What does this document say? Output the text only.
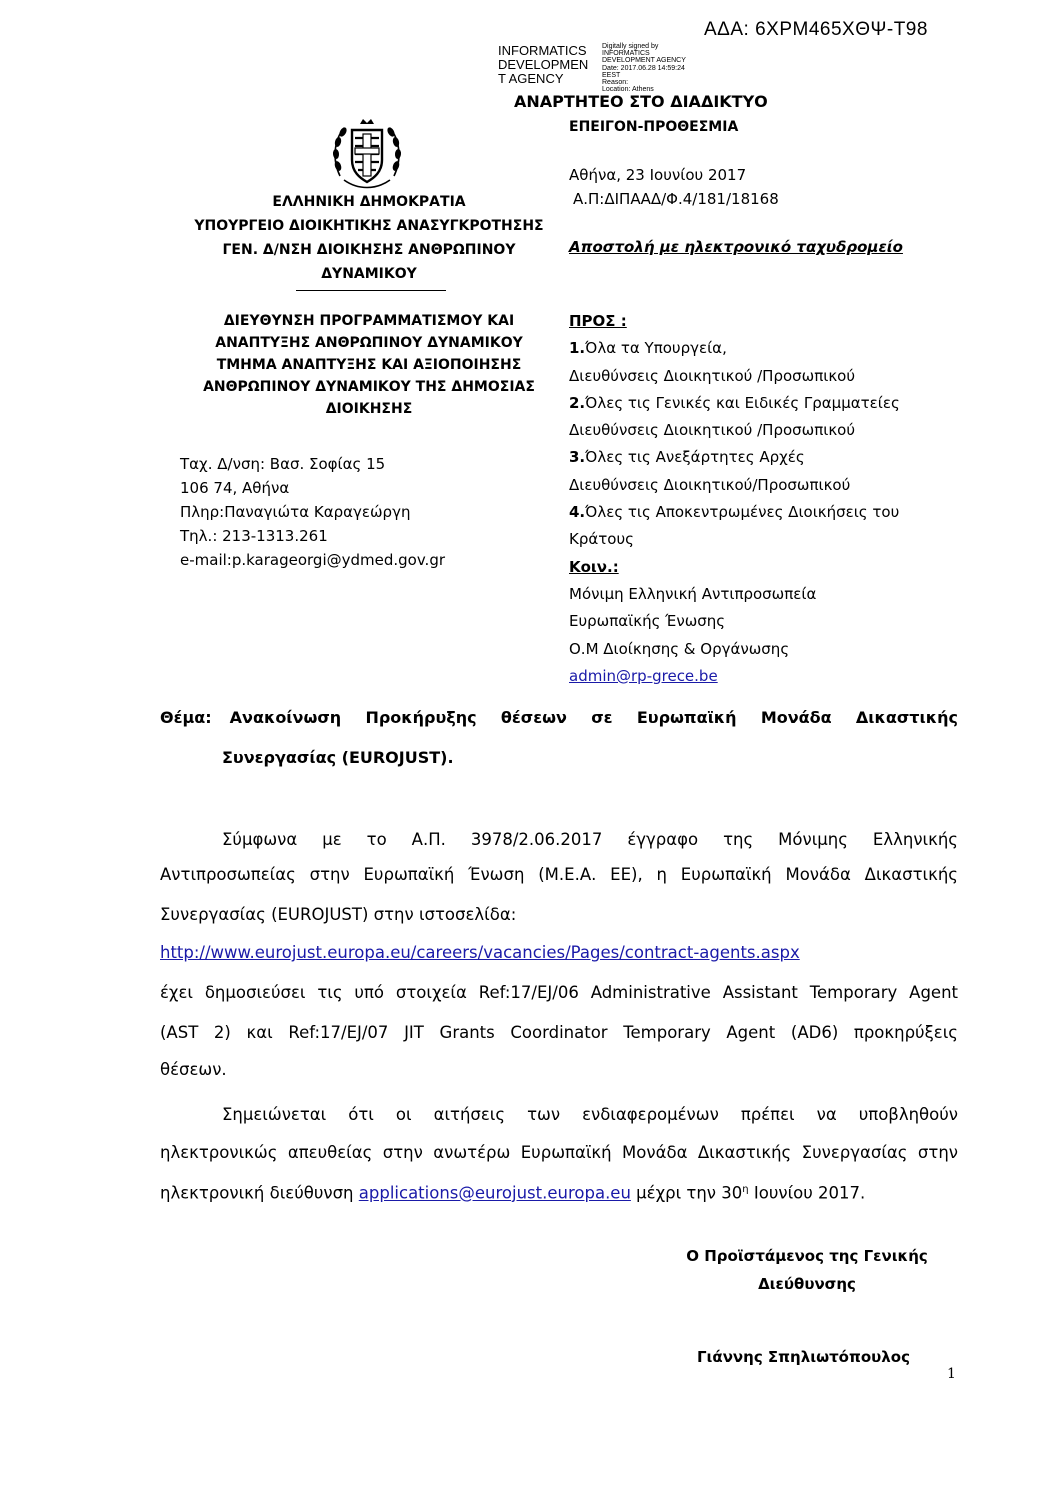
ΑΔΑ: 6ΧΡΜ465ΧΘΨ-Τ98
INFORMATICS
DEVELOPMEN
T AGENCY
Digitally signed by
INFORMATICS
DEVELOPMENT AGENCY
Date: 2017.06.28 14:59:24
EEST
Reason:
Location: Athens
ΑΝΑΡΤΗΤΕΟ ΣΤΟ ΔΙΑΔΙΚΤΥΟ
ΕΠΕΙΓΟΝ-ΠΡΟΘΕΣΜΙΑ
Αθήνα, 23 Ιουνίου 2017
Α.Π:ΔΙΠΑΑΔ/Φ.4/181/18168
Αποστολή με ηλεκτρονικό ταχυδρομείο
ΕΛΛΗΝΙΚΗ ΔΗΜΟΚΡΑΤΙΑ
ΥΠΟΥΡΓΕΙΟ ΔΙΟΙΚΗΤΙΚΗΣ ΑΝΑΣΥΓΚΡΟΤΗΣΗΣ
ΓΕΝ. Δ/ΝΣΗ ΔΙΟΙΚΗΣΗΣ ΑΝΘΡΩΠΙΝΟΥ
ΔΥΝΑΜΙΚΟΥ
ΔΙΕΥΘΥΝΣΗ ΠΡΟΓΡΑΜΜΑΤΙΣΜΟΥ ΚΑΙ
ΑΝΑΠΤΥΞΗΣ ΑΝΘΡΩΠΙΝΟΥ ΔΥΝΑΜΙΚΟΥ
ΤΜΗΜΑ ΑΝΑΠΤΥΞΗΣ ΚΑΙ ΑΞΙΟΠΟΙΗΣΗΣ
ΑΝΘΡΩΠΙΝΟΥ ΔΥΝΑΜΙΚΟΥ ΤΗΣ ΔΗΜΟΣΙΑΣ
ΔΙΟΙΚΗΣΗΣ
Ταχ. Δ/νση: Βασ. Σοφίας 15
106 74, Αθήνα
Πληρ:Παναγιώτα Καραγεώργη
Τηλ.: 213-1313.261
e-mail:p.karageorgi@ydmed.gov.gr
ΠΡΟΣ :
1.Όλα τα Υπουργεία,
Διευθύνσεις Διοικητικού /Προσωπικού
2.Όλες τις Γενικές και Ειδικές Γραμματείες
Διευθύνσεις Διοικητικού /Προσωπικού
3.Όλες τις Ανεξάρτητες Αρχές
Διευθύνσεις Διοικητικού/Προσωπικού
4.Όλες τις Αποκεντρωμένες Διοικήσεις του
Κράτους
Κοιν.:
Μόνιμη Ελληνική Αντιπροσωπεία
Ευρωπαϊκής Ένωσης
Ο.Μ Διοίκησης & Οργάνωσης
admin@rp-grece.be
Θέμα: Ανακοίνωση Προκήρυξης θέσεων σε Ευρωπαϊκή Μονάδα Δικαστικής
Συνεργασίας (EUROJUST).
Σύμφωνα με το Α.Π. 3978/2.06.2017 έγγραφο της Μόνιμης Ελληνικής
Αντιπροσωπείας στην Ευρωπαϊκή Ένωση (Μ.Ε.Α. ΕΕ), η Ευρωπαϊκή Μονάδα Δικαστικής
Συνεργασίας (EUROJUST) στην ιστοσελίδα:
http://www.eurojust.europa.eu/careers/vacancies/Pages/contract-agents.aspx
έχει δημοσιεύσει τις υπό στοιχεία Ref:17/EJ/06 Administrative Assistant Temporary Agent
(AST 2) και Ref:17/EJ/07 JIT Grants Coordinator Temporary Agent (AD6) προκηρύξεις
θέσεων.
Σημειώνεται ότι οι αιτήσεις των ενδιαφερομένων πρέπει να υποβληθούν
ηλεκτρονικώς απευθείας στην ανωτέρω Ευρωπαϊκή Μονάδα Δικαστικής Συνεργασίας στην
ηλεκτρονική διεύθυνση applications@eurojust.europa.eu μέχρι την $30^\eta$ Ιουνίου 2017.
Ο Προϊστάμενος της Γενικής
Διεύθυνσης
Γιάννης Σπηλιωτόπουλος
1
